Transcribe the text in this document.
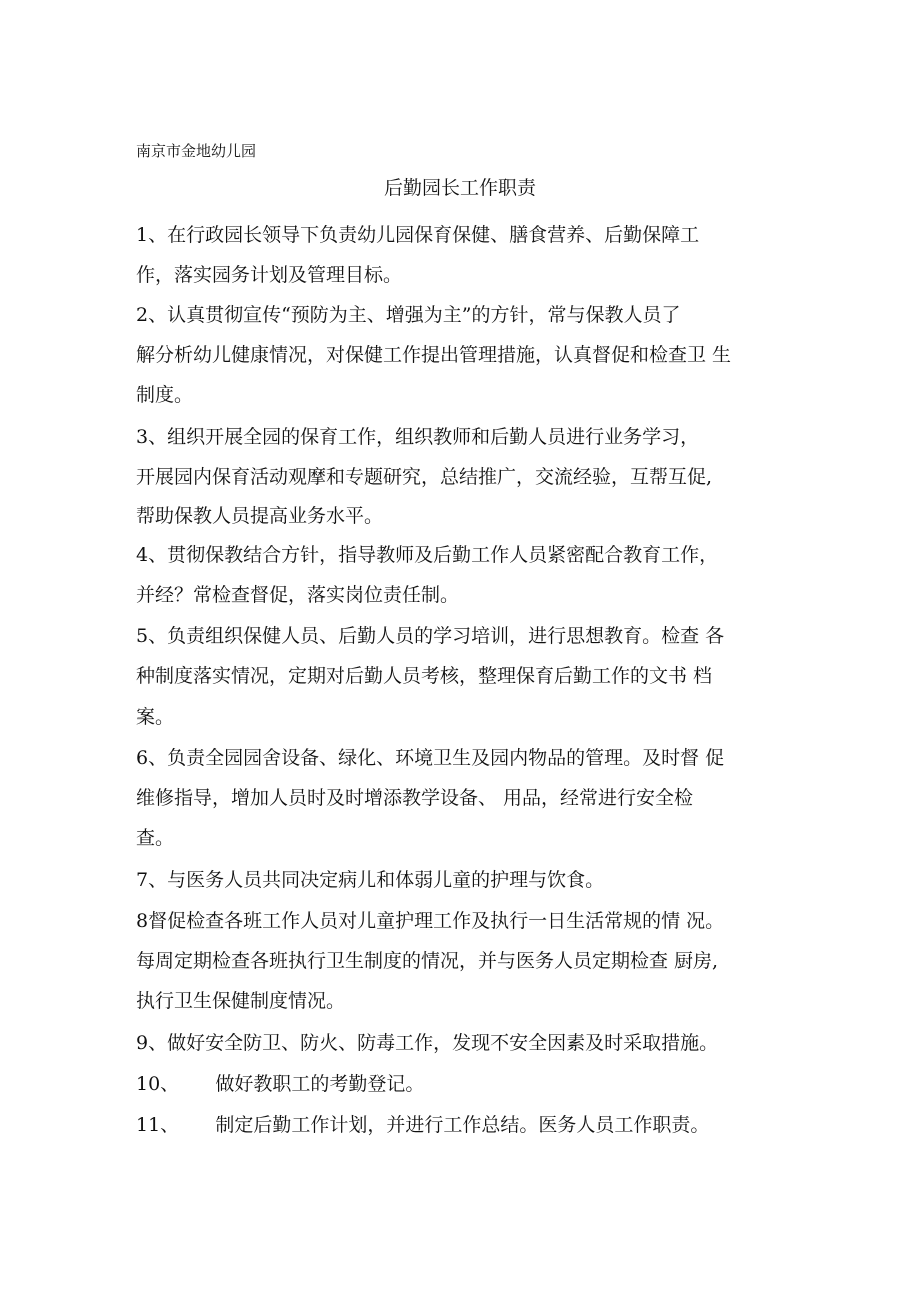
南京市金地幼儿园
后勤园长工作职责
1、在行政园长领导下负责幼儿园保育保健、膳食营养、后勤保障工
作，落实园务计划及管理目标。
2、认真贯彻宣传“预防为主、增强为主”的方针，常与保教人员了
解分析幼儿健康情况，对保健工作提出管理措施，认真督促和检查卫 生
制度。
3、组织开展全园的保育工作，组织教师和后勤人员进行业务学习，
开展园内保育活动观摩和专题研究，总结推广，交流经验，互帮互促,
帮助保教人员提高业务水平。
4、贯彻保教结合方针，指导教师及后勤工作人员紧密配合教育工作，
并经？常检查督促，落实岗位责任制。
5、负责组织保健人员、后勤人员的学习培训，进行思想教育。检查 各
种制度落实情况，定期对后勤人员考核，整理保育后勤工作的文书 档
案。
6、负责全园园舍设备、绿化、环境卫生及园内物品的管理。及时督 促
维修指导，增加人员时及时增添教学设备、 用品，经常进行安全检
查。
7、与医务人员共同决定病儿和体弱儿童的护理与饮食。
8督促检查各班工作人员对儿童护理工作及执行一日生活常规的情 况。
每周定期检查各班执行卫生制度的情况，并与医务人员定期检查 厨房,
执行卫生保健制度情况。
9、做好安全防卫、防火、防毒工作，发现不安全因素及时采取措施。
10、      做好教职工的考勤登记。
11、      制定后勤工作计划，并进行工作总结。医务人员工作职责。
